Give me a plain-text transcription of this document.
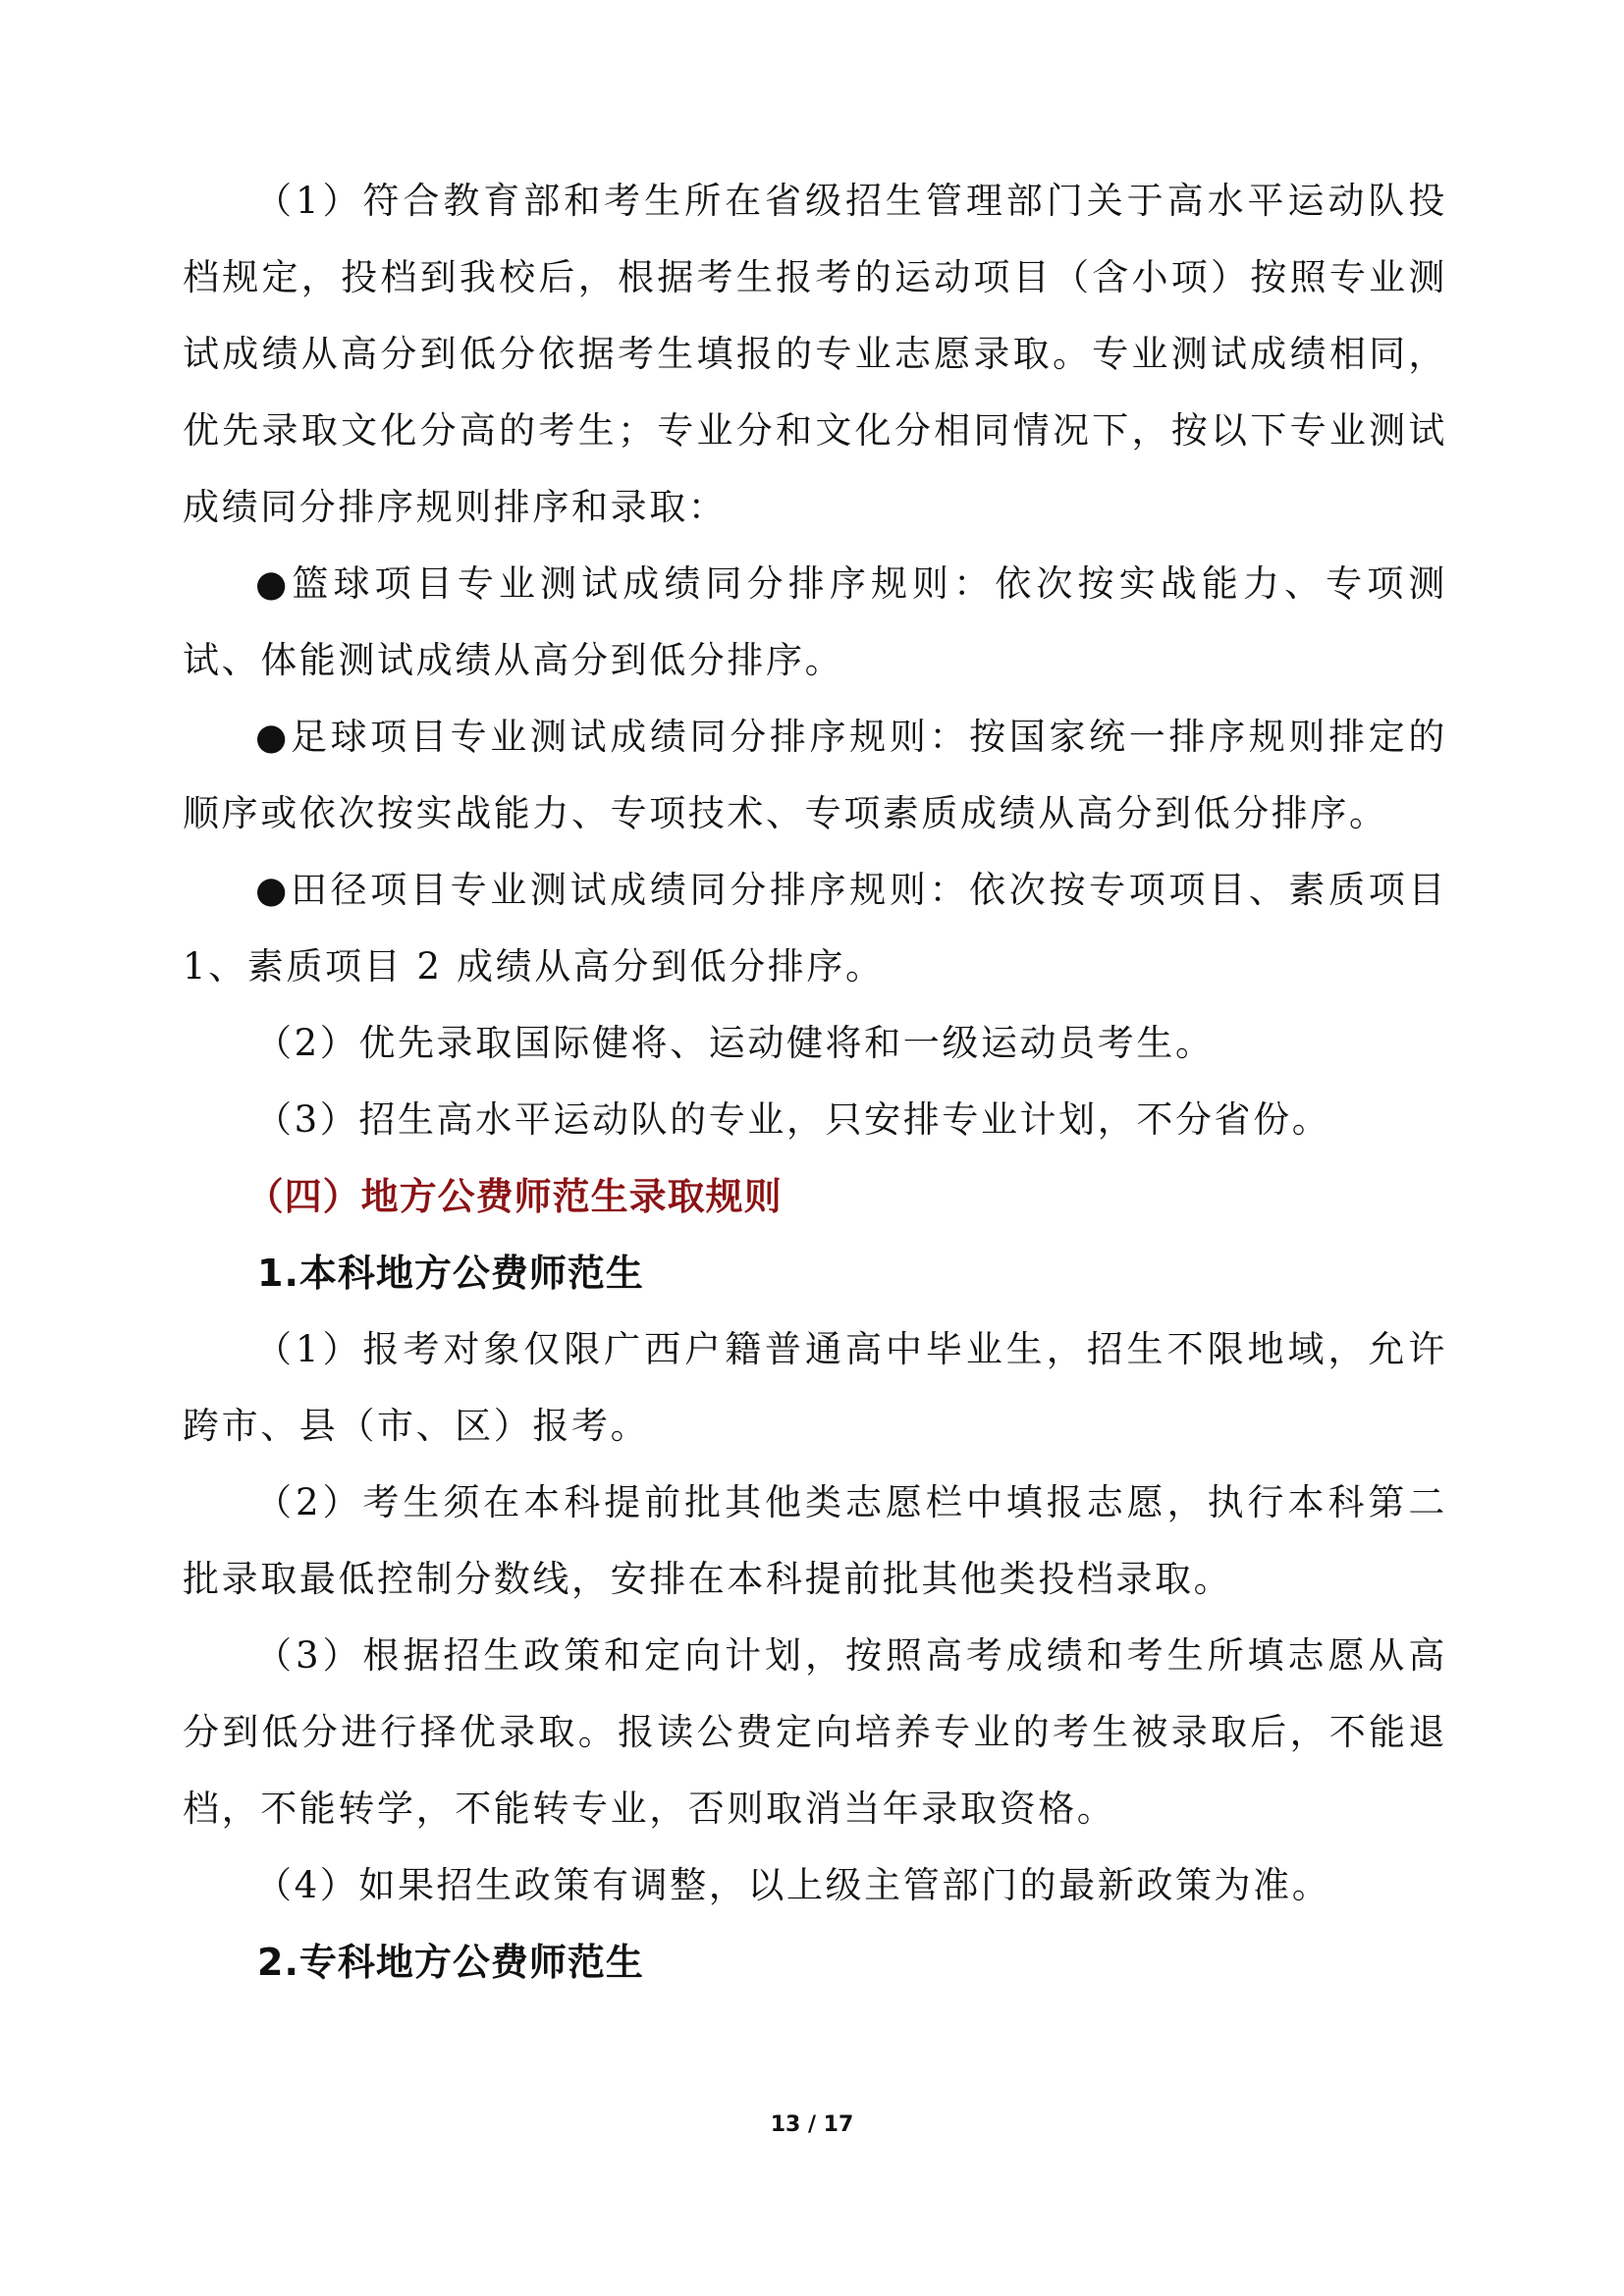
（1）符合教育部和考生所在省级招生管理部门关于高水平运动队投档规定，投档到我校后，根据考生报考的运动项目（含小项）按照专业测试成绩从高分到低分依据考生填报的专业志愿录取。专业测试成绩相同，优先录取文化分高的考生；专业分和文化分相同情况下，按以下专业测试成绩同分排序规则排序和录取：

●篮球项目专业测试成绩同分排序规则：依次按实战能力、专项测试、体能测试成绩从高分到低分排序。

●足球项目专业测试成绩同分排序规则：按国家统一排序规则排定的顺序或依次按实战能力、专项技术、专项素质成绩从高分到低分排序。

●田径项目专业测试成绩同分排序规则：依次按专项项目、素质项目 1、素质项目 2 成绩从高分到低分排序。

（2）优先录取国际健将、运动健将和一级运动员考生。

（3）招生高水平运动队的专业，只安排专业计划，不分省份。

（四）地方公费师范生录取规则

1.本科地方公费师范生

（1）报考对象仅限广西户籍普通高中毕业生，招生不限地域，允许跨市、县（市、区）报考。

（2）考生须在本科提前批其他类志愿栏中填报志愿，执行本科第二批录取最低控制分数线，安排在本科提前批其他类投档录取。

（3）根据招生政策和定向计划，按照高考成绩和考生所填志愿从高分到低分进行择优录取。报读公费定向培养专业的考生被录取后，不能退档，不能转学，不能转专业，否则取消当年录取资格。

（4）如果招生政策有调整，以上级主管部门的最新政策为准。

2.专科地方公费师范生

13 / 17
